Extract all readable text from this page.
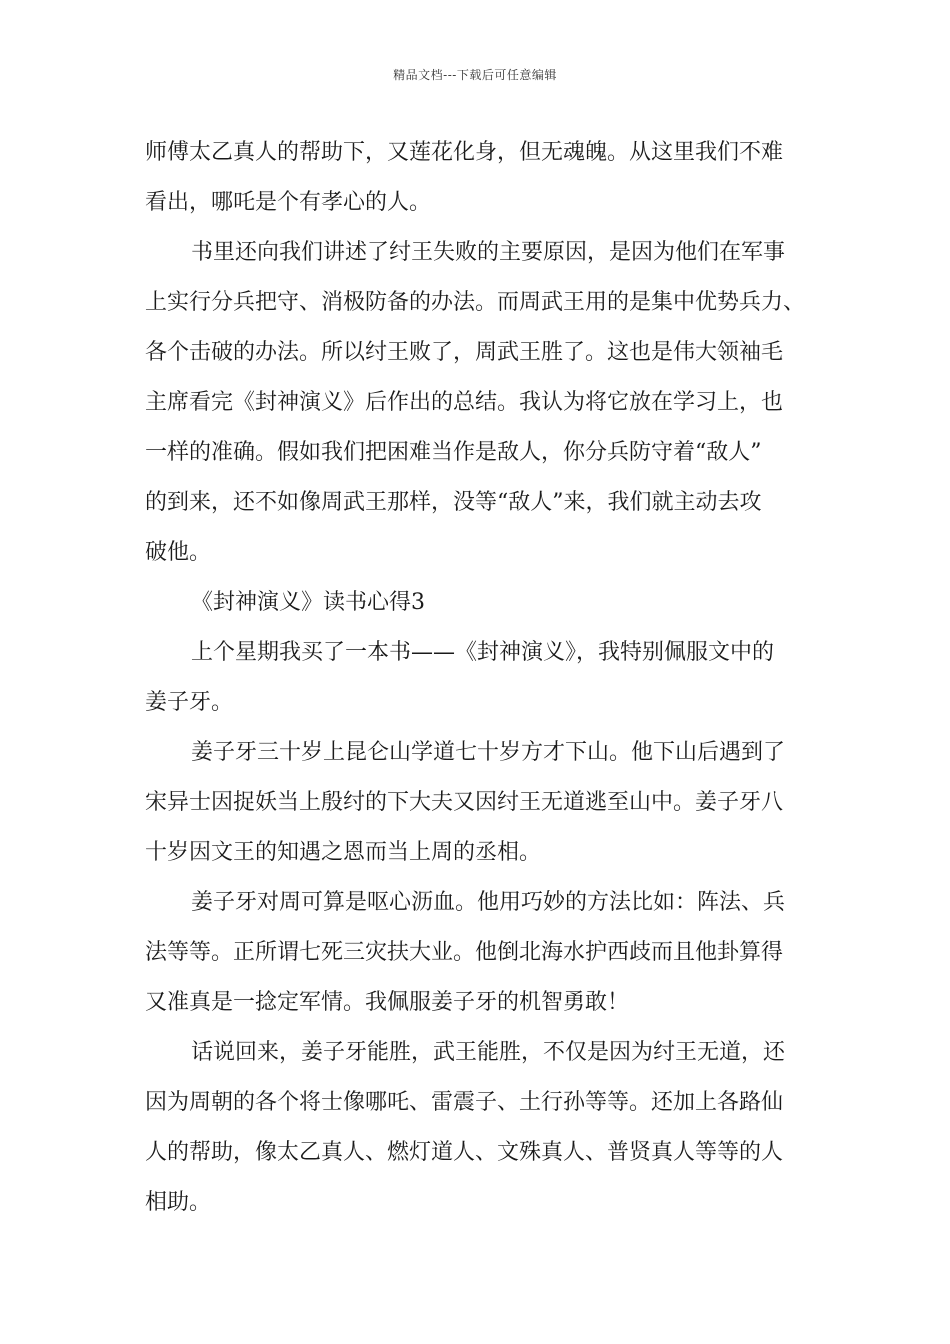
精品文档---下载后可任意编辑

师傅太乙真人的帮助下，又莲花化身，但无魂魄。从这里我们不难

看出，哪吒是个有孝心的人。

书里还向我们讲述了纣王失败的主要原因，是因为他们在军事

上实行分兵把守、消极防备的办法。而周武王用的是集中优势兵力、

各个击破的办法。所以纣王败了，周武王胜了。这也是伟大领袖毛

主席看完《封神演义》后作出的总结。我认为将它放在学习上，也

一样的准确。假如我们把困难当作是敌人，你分兵防守着“敌人”

的到来，还不如像周武王那样，没等“敌人”来，我们就主动去攻

破他。

《封神演义》读书心得3

上个星期我买了一本书——《封神演义》，我特别佩服文中的

姜子牙。

姜子牙三十岁上昆仑山学道七十岁方才下山。他下山后遇到了

宋异士因捉妖当上殷纣的下大夫又因纣王无道逃至山中。姜子牙八

十岁因文王的知遇之恩而当上周的丞相。

姜子牙对周可算是呕心沥血。他用巧妙的方法比如：阵法、兵

法等等。正所谓七死三灾扶大业。他倒北海水护西歧而且他卦算得

又准真是一捻定军情。我佩服姜子牙的机智勇敢！

话说回来，姜子牙能胜，武王能胜，不仅是因为纣王无道，还

因为周朝的各个将士像哪吒、雷震子、土行孙等等。还加上各路仙

人的帮助，像太乙真人、燃灯道人、文殊真人、普贤真人等等的人

相助。
